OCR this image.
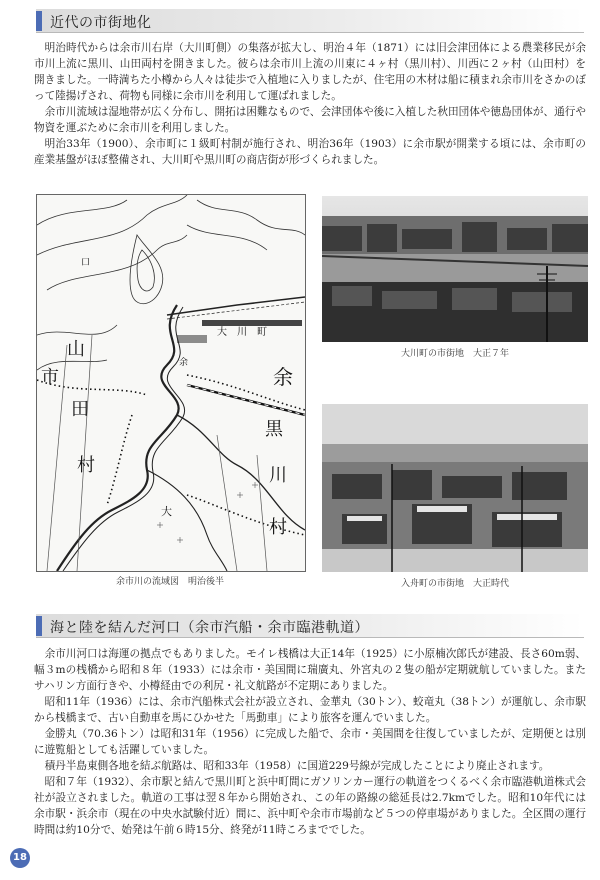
近代の市街地化

明治時代からは余市川右岸（大川町側）の集落が拡大し、明治４年（1871）には旧会津団体による農業移民が余市川上流に黒川、山田両村を開きました。彼らは余市川上流の川東に４ヶ村（黒川村）、川西に２ヶ村（山田村）を開きました。一時満ちた小樽から人々は徒歩で入植地に入りましたが、住宅用の木材は船に積まれ余市川をさかのぼって陸揚げされ、荷物も同様に余市川を利用して運ばれました。

余市川流域は湿地帯が広く分布し、開拓は困難なもので、会津団体や後に入植した秋田団体や徳島団体が、通行や物資を運ぶために余市川を利用しました。

明治33年（1900）、余市町に１級町村制が施行され、明治36年（1903）に余市駅が開業する頃には、余市町の産業基盤がほぼ整備され、大川町や黒川町の商店街が形づくられました。

余
黒
川
村
山
田
市
村
大川町
余
口
大
余市川の流域図　明治後半
大川町の市街地　大正７年
入舟町の市街地　大正時代
海と陸を結んだ河口（余市汽船・余市臨港軌道）

余市川河口は海運の拠点でもありました。モイレ桟橋は大正14年（1925）に小原楠次郎氏が建設、長さ60m弱、幅３mの桟橋から昭和８年（1933）には余市・美国間に瑞廣丸、外宮丸の２隻の船が定期就航していました。またサハリン方面行きや、小樽経由での利尻・礼文航路が不定期にありました。

昭和11年（1936）には、余市汽船株式会社が設立され、金華丸（30トン）、蛟竜丸（38トン）が運航し、余市駅から桟橋まで、古い自動車を馬にひかせた「馬動車」により旅客を運んでいました。

金勝丸（70.36トン）は昭和31年（1956）に完成した船で、余市・美国間を往復していましたが、定期便とは別に遊覧船としても活躍していました。

積丹半島東側各地を結ぶ航路は、昭和33年（1958）に国道229号線が完成したことにより廃止されます。

昭和７年（1932）、余市駅と結んで黒川町と浜中町間にガソリンカー運行の軌道をつくるべく余市臨港軌道株式会社が設立されました。軌道の工事は翌８年から開始され、この年の路線の総延長は2.7kmでした。昭和10年代には余市駅・浜余市（現在の中央水試験付近）間に、浜中町や余市市場前など５つの停車場がありました。全区間の運行時間は約10分で、始発は午前６時15分、終発が11時ころまででした。

18
